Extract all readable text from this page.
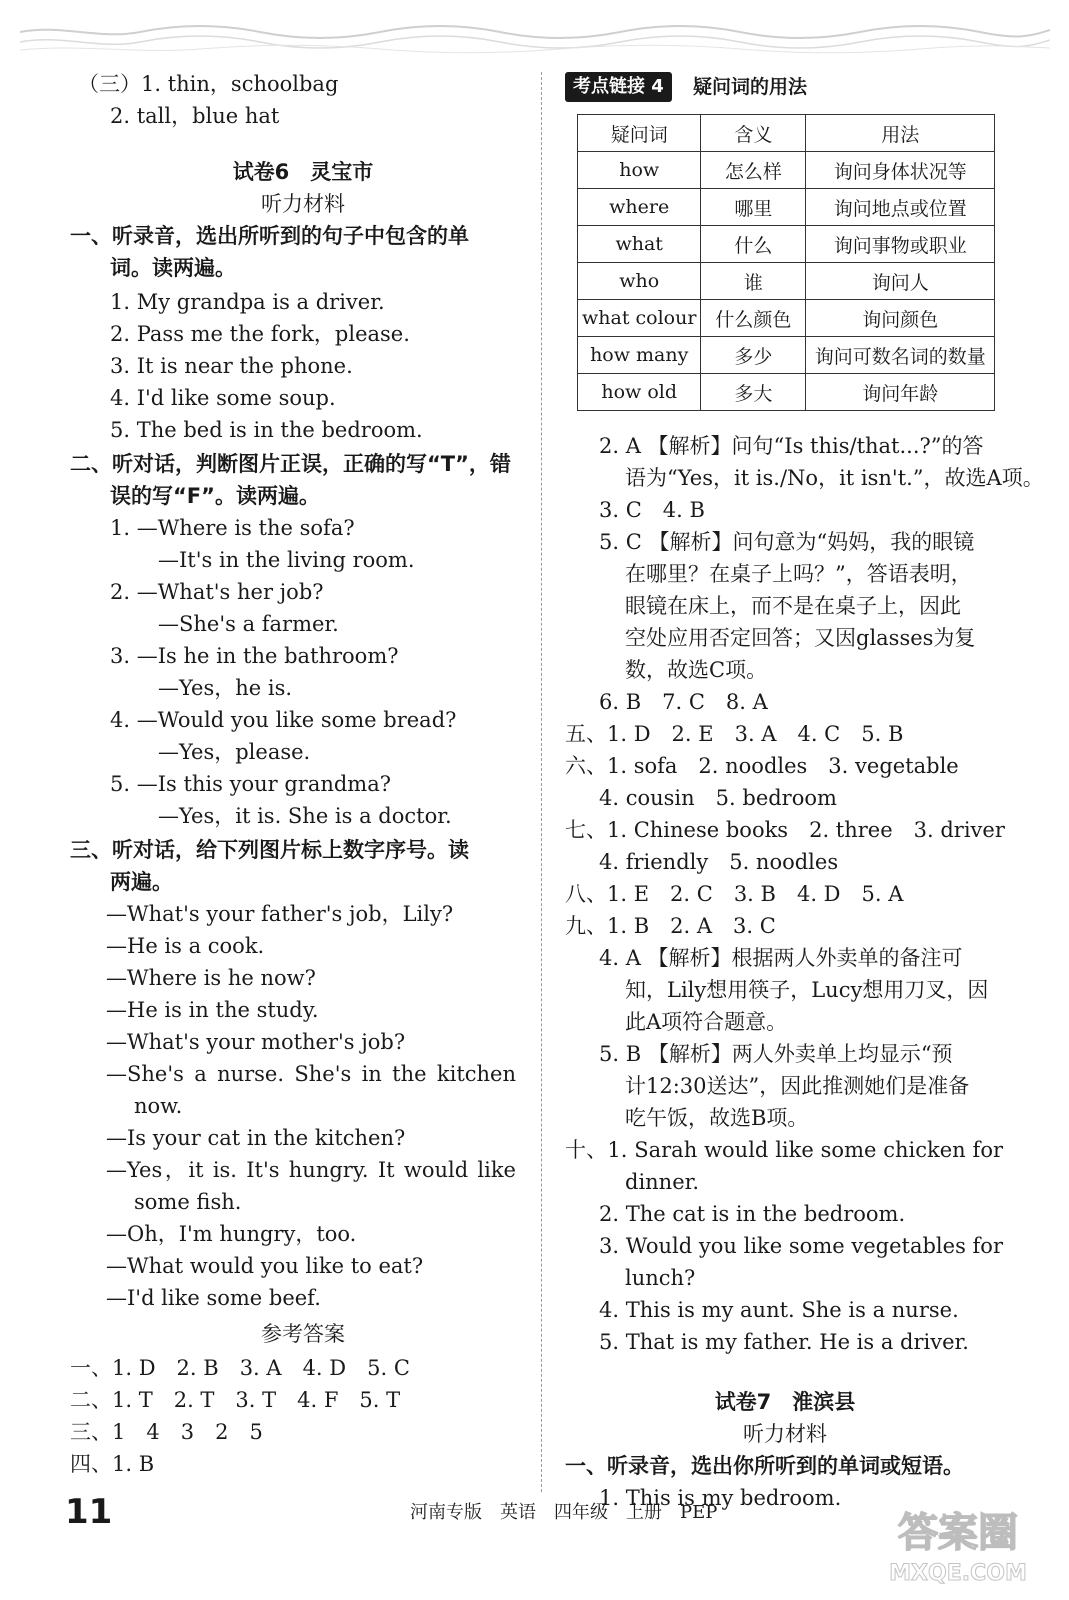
（三）1. thin，schoolbag
2. tall，blue hat
试卷6　灵宝市
听力材料
一、听录音，选出所听到的句子中包含的单
词。读两遍。
1. My grandpa is a driver.
2. Pass me the fork，please.
3. It is near the phone.
4. I'd like some soup.
5. The bed is in the bedroom.
二、听对话，判断图片正误，正确的写“T”，错
误的写“F”。读两遍。
1. —Where is the sofa?
—It's in the living room.
2. —What's her job?
—She's a farmer.
3. —Is he in the bathroom?
—Yes，he is.
4. —Would you like some bread?
—Yes，please.
5. —Is this your grandma?
—Yes，it is. She is a doctor.
三、听对话，给下列图片标上数字序号。读
两遍。
—What's your father's job，Lily?
—He is a cook.
—Where is he now?
—He is in the study.
—What's your mother's job?
—She's a nurse. She's in the kitchen
now.
—Is your cat in the kitchen?
—Yes，it is. It's hungry. It would like
some fish.
—Oh，I'm hungry，too.
—What would you like to eat?
—I'd like some beef.
参考答案
一、1. D　2. B　3. A　4. D　5. C
二、1. T　2. T　3. T　4. F　5. T
三、1　4　3　2　5
四、1. B
考点链接 4	疑问词的用法
疑问词	含义	用法
how	怎么样	询问身体状况等
where	哪里	询问地点或位置
what	什么	询问事物或职业
who	谁	询问人
what colour	什么颜色	询问颜色
how many	多少	询问可数名词的数量
how old	多大	询问年龄
2. A 【解析】问句“Is this/that...?”的答
语为“Yes，it is./No，it isn't.”，故选A项。
3. C　4. B
5. C 【解析】问句意为“妈妈，我的眼镜
在哪里？在桌子上吗？”，答语表明，
眼镜在床上，而不是在桌子上，因此
空处应用否定回答；又因glasses为复
数，故选C项。
6. B　7. C　8. A
五、1. D　2. E　3. A　4. C　5. B
六、1. sofa　2. noodles　3. vegetable
4. cousin　5. bedroom
七、1. Chinese books　2. three　3. driver
4. friendly　5. noodles
八、1. E　2. C　3. B　4. D　5. A
九、1. B　2. A　3. C
4. A 【解析】根据两人外卖单的备注可
知，Lily想用筷子，Lucy想用刀叉，因
此A项符合题意。
5. B 【解析】两人外卖单上均显示“预
计12:30送达”，因此推测她们是准备
吃午饭，故选B项。
十、1. Sarah would like some chicken for
dinner.
2. The cat is in the bedroom.
3. Would you like some vegetables for
lunch?
4. This is my aunt. She is a nurse.
5. That is my father. He is a driver.
试卷7　淮滨县
听力材料
一、听录音，选出你所听到的单词或短语。
1. This is my bedroom.
11	河南专版　英语　四年级　上册　PEP	答案圈
MXQE.COM
